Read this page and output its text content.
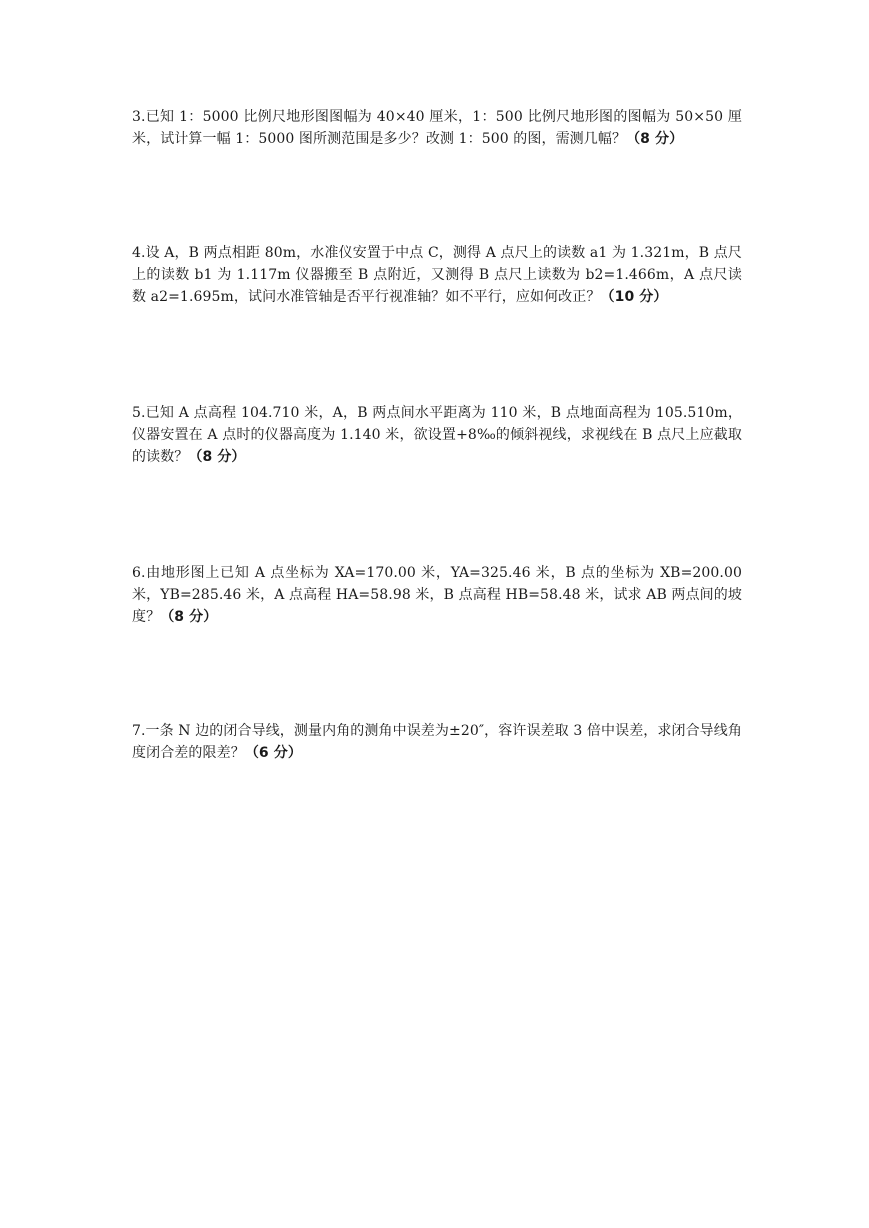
3.已知 1：5000 比例尺地形图图幅为 40×40 厘米，1：500 比例尺地形图的图幅为 50×50 厘米，试计算一幅 1：5000 图所测范围是多少？改测 1：500 的图，需测几幅？（8 分）

4.设 A，B 两点相距 80m，水准仪安置于中点 C，测得 A 点尺上的读数 a1 为 1.321m，B 点尺上的读数 b1 为 1.117m 仪器搬至 B 点附近，又测得 B 点尺上读数为 b2=1.466m，A 点尺读数 a2=1.695m，试问水准管轴是否平行视准轴？如不平行，应如何改正？（10 分）

5.已知 A 点高程 104.710 米，A，B 两点间水平距离为 110 米，B 点地面高程为 105.510m，仪器安置在 A 点时的仪器高度为 1.140 米，欲设置+8‰的倾斜视线，求视线在 B 点尺上应截取的读数？（8 分）

6.由地形图上已知 A 点坐标为 XA=170.00 米，YA=325.46 米，B 点的坐标为 XB=200.00 米，YB=285.46 米，A 点高程 HA=58.98 米，B 点高程 HB=58.48 米，试求 AB 两点间的坡度？（8 分）

7.一条 N 边的闭合导线，测量内角的测角中误差为±20″，容许误差取 3 倍中误差，求闭合导线角度闭合差的限差？（6 分）
